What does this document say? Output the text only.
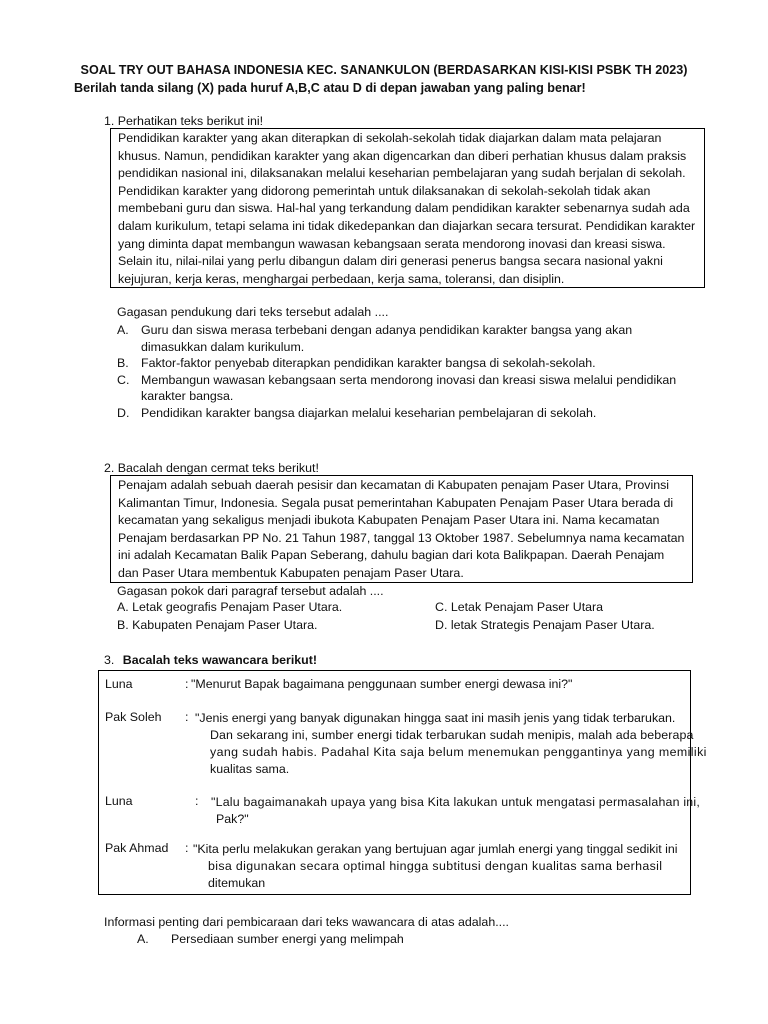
SOAL TRY OUT BAHASA INDONESIA KEC. SANANKULON (BERDASARKAN KISI-KISI PSBK TH 2023)
Berilah tanda silang (X) pada huruf A,B,C atau D di depan jawaban yang paling benar!
1. Perhatikan teks berikut ini!
Pendidikan karakter yang akan diterapkan di sekolah-sekolah tidak diajarkan dalam mata pelajaran
khusus. Namun, pendidikan karakter yang akan digencarkan dan diberi perhatian khusus dalam praksis
pendidikan nasional ini, dilaksanakan melalui keseharian pembelajaran yang sudah berjalan di sekolah.
Pendidikan karakter yang didorong pemerintah untuk dilaksanakan di sekolah-sekolah tidak akan
membebani guru dan siswa. Hal-hal yang terkandung dalam pendidikan karakter sebenarnya sudah ada
dalam kurikulum, tetapi selama ini tidak dikedepankan dan diajarkan secara tersurat. Pendidikan karakter
yang diminta dapat membangun wawasan kebangsaan serata mendorong inovasi dan kreasi siswa.
Selain itu, nilai-nilai yang perlu dibangun dalam diri generasi penerus bangsa secara nasional yakni
kejujuran, kerja keras, menghargai perbedaan, kerja sama, toleransi, dan disiplin.
Gagasan pendukung dari teks tersebut adalah ....
A. Guru dan siswa merasa terbebani dengan adanya pendidikan karakter bangsa yang akan
dimasukkan dalam kurikulum.
B. Faktor-faktor penyebab diterapkan pendidikan karakter bangsa di sekolah-sekolah.
C. Membangun wawasan kebangsaan serta mendorong inovasi dan kreasi siswa melalui pendidikan
karakter bangsa.
D. Pendidikan karakter bangsa diajarkan melalui keseharian pembelajaran di sekolah.
2. Bacalah dengan cermat teks berikut!
Penajam adalah sebuah daerah pesisir dan kecamatan di Kabupaten penajam Paser Utara, Provinsi
Kalimantan Timur, Indonesia. Segala pusat pemerintahan Kabupaten Penajam Paser Utara berada di
kecamatan yang sekaligus menjadi ibukota Kabupaten Penajam Paser Utara ini. Nama kecamatan
Penajam berdasarkan PP No. 21 Tahun 1987, tanggal 13 Oktober 1987. Sebelumnya nama kecamatan
ini adalah Kecamatan Balik Papan Seberang, dahulu bagian dari kota Balikpapan. Daerah Penajam
dan Paser Utara membentuk Kabupaten penajam Paser Utara.
Gagasan pokok dari paragraf tersebut adalah ....
A. Letak geografis Penajam Paser Utara.
B. Kabupaten Penajam Paser Utara.
C. Letak Penajam Paser Utara
D. letak Strategis Penajam Paser Utara.
3. Bacalah teks wawancara berikut!
Luna	: "Menurut Bapak bagaimana penggunaan sumber energi dewasa ini?"
Pak Soleh	: "Jenis energi yang banyak digunakan hingga saat ini masih jenis yang tidak terbarukan.
Dan sekarang ini, sumber energi tidak terbarukan sudah menipis, malah ada beberapa
yang sudah habis. Padahal Kita saja belum menemukan penggantinya yang memiliki
kualitas sama.
Luna	:	"Lalu bagaimanakah upaya yang bisa Kita lakukan untuk mengatasi permasalahan ini,
Pak?"
Pak Ahmad	: "Kita perlu melakukan gerakan yang bertujuan agar jumlah energi yang tinggal sedikit ini
bisa digunakan secara optimal hingga subtitusi dengan kualitas sama berhasil
ditemukan
Informasi penting dari pembicaraan dari teks wawancara di atas adalah....
A.	Persediaan sumber energi yang melimpah
